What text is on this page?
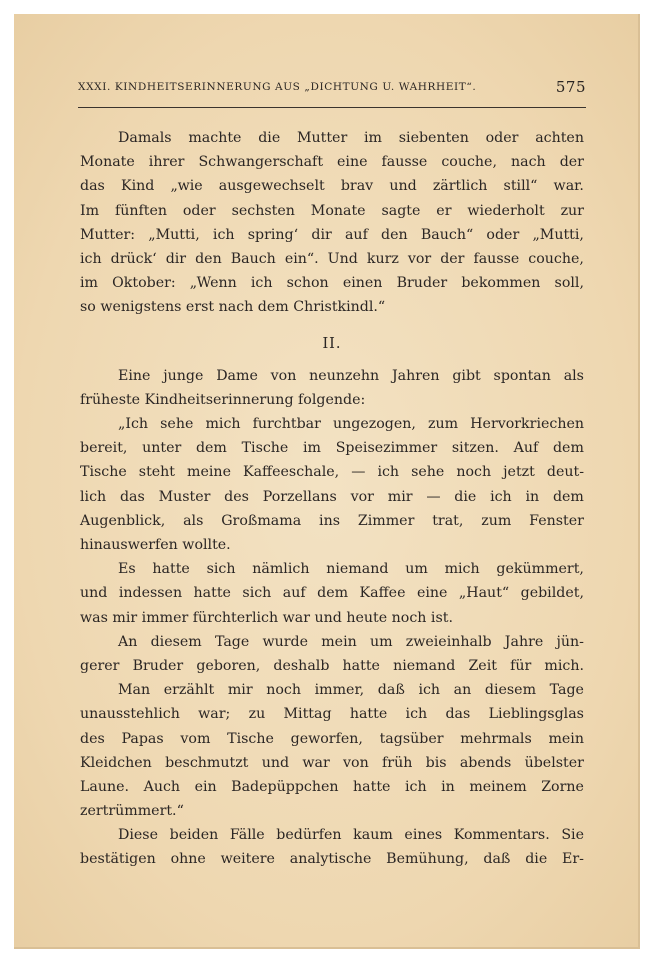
XXXI. KINDHEITSERINNERUNG AUS „DICHTUNG U. WAHRHEIT“.	575
Damals machte die Mutter im siebenten oder achten
Monate ihrer Schwangerschaft eine fausse couche, nach der
das Kind „wie ausgewechselt brav und zärtlich still“ war.
Im fünften oder sechsten Monate sagte er wiederholt zur
Mutter: „Mutti, ich spring‘ dir auf den Bauch“ oder „Mutti,
ich drück‘ dir den Bauch ein“. Und kurz vor der fausse couche,
im Oktober: „Wenn ich schon einen Bruder bekommen soll,
so wenigstens erst nach dem Christkindl.“
II.
Eine junge Dame von neunzehn Jahren gibt spontan als
früheste Kindheitserinnerung folgende:
„Ich sehe mich furchtbar ungezogen, zum Hervorkriechen
bereit, unter dem Tische im Speisezimmer sitzen. Auf dem
Tische steht meine Kaffeeschale, — ich sehe noch jetzt deut-
lich das Muster des Porzellans vor mir — die ich in dem
Augenblick, als Großmama ins Zimmer trat, zum Fenster
hinauswerfen wollte.
Es hatte sich nämlich niemand um mich gekümmert,
und indessen hatte sich auf dem Kaffee eine „Haut“ gebildet,
was mir immer fürchterlich war und heute noch ist.
An diesem Tage wurde mein um zweieinhalb Jahre jün-
gerer Bruder geboren, deshalb hatte niemand Zeit für mich.
Man erzählt mir noch immer, daß ich an diesem Tage
unausstehlich war; zu Mittag hatte ich das Lieblingsglas
des Papas vom Tische geworfen, tagsüber mehrmals mein
Kleidchen beschmutzt und war von früh bis abends übelster
Laune. Auch ein Badepüppchen hatte ich in meinem Zorne
zertrümmert.“
Diese beiden Fälle bedürfen kaum eines Kommentars. Sie
bestätigen ohne weitere analytische Bemühung, daß die Er-
